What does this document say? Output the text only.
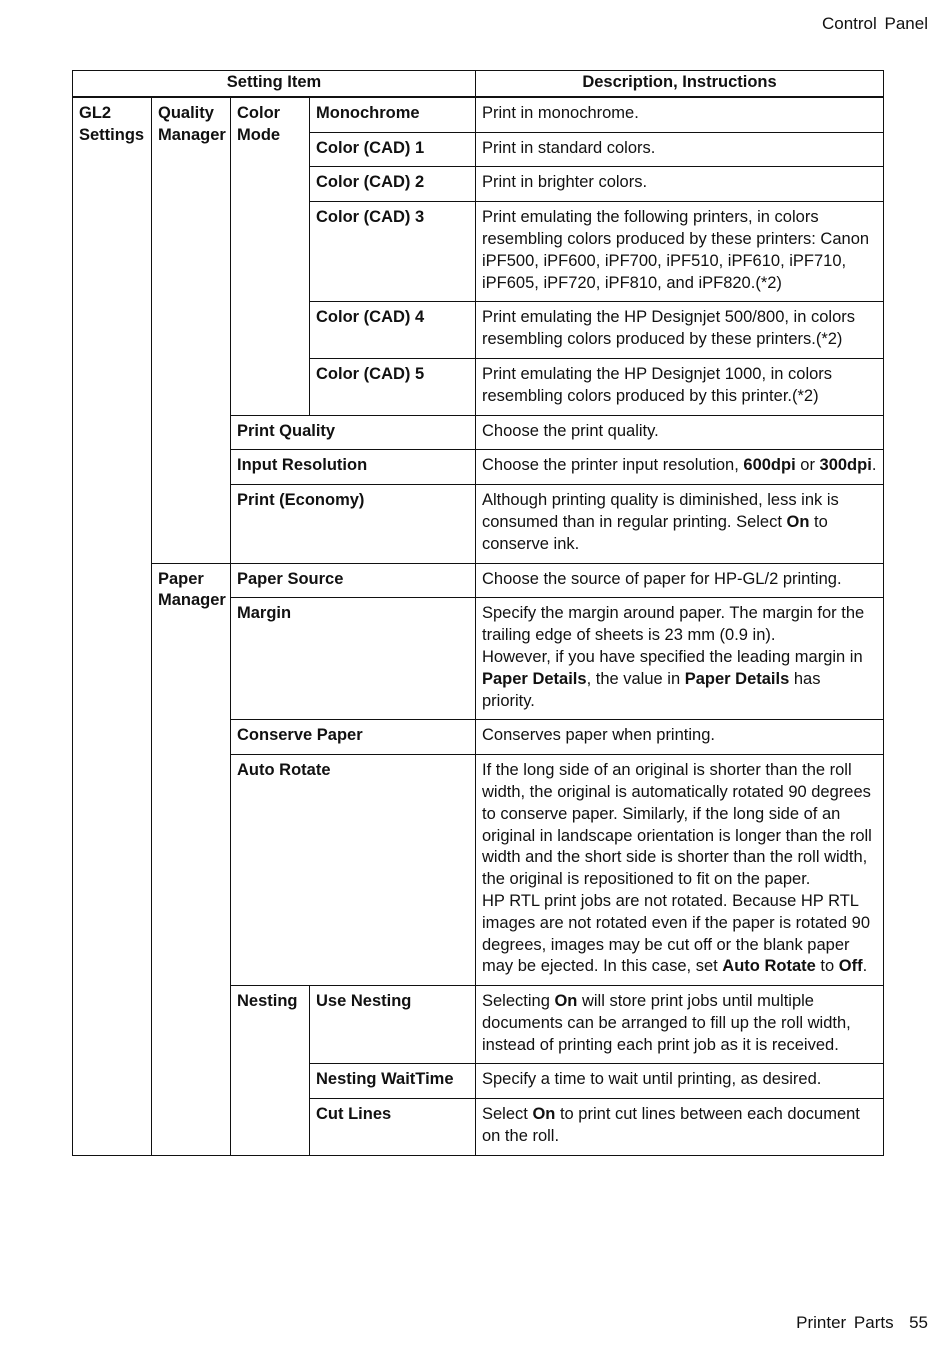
Control Panel
Setting Item				Description, Instructions
GL2 Settings	Quality Manager	Color Mode	Monochrome	Print in monochrome.
			Color (CAD) 1	Print in standard colors.
			Color (CAD) 2	Print in brighter colors.
			Color (CAD) 3	Print emulating the following printers, in colors resembling colors produced by these printers: Canon iPF500, iPF600, iPF700, iPF510, iPF610, iPF710, iPF605, iPF720, iPF810, and iPF820.(*2)
			Color (CAD) 4	Print emulating the HP Designjet 500/800, in colors resembling colors produced by these printers.(*2)
			Color (CAD) 5	Print emulating the HP Designjet 1000, in colors resembling colors produced by this printer.(*2)
		Print Quality		Choose the print quality.
		Input Resolution		Choose the printer input resolution, 600dpi or 300dpi.
		Print (Economy)		Although printing quality is diminished, less ink is consumed than in regular printing. Select On to conserve ink.
	Paper Manager	Paper Source		Choose the source of paper for HP-GL/2 printing.
		Margin		Specify the margin around paper. The margin for the trailing edge of sheets is 23 mm (0.9 in).
However, if you have specified the leading margin in Paper Details, the value in Paper Details has priority.
		Conserve Paper		Conserves paper when printing.
		Auto Rotate		If the long side of an original is shorter than the roll width, the original is automatically rotated 90 degrees to conserve paper. Similarly, if the long side of an original in landscape orientation is longer than the roll width and the short side is shorter than the roll width, the original is repositioned to fit on the paper.
HP RTL print jobs are not rotated. Because HP RTL images are not rotated even if the paper is rotated 90 degrees, images may be cut off or the blank paper may be ejected. In this case, set Auto Rotate to Off.
		Nesting	Use Nesting	Selecting On will store print jobs until multiple documents can be arranged to fill up the roll width, instead of printing each print job as it is received.
			Nesting WaitTime	Specify a time to wait until printing, as desired.
			Cut Lines	Select On to print cut lines between each document on the roll.
Printer Parts 55
